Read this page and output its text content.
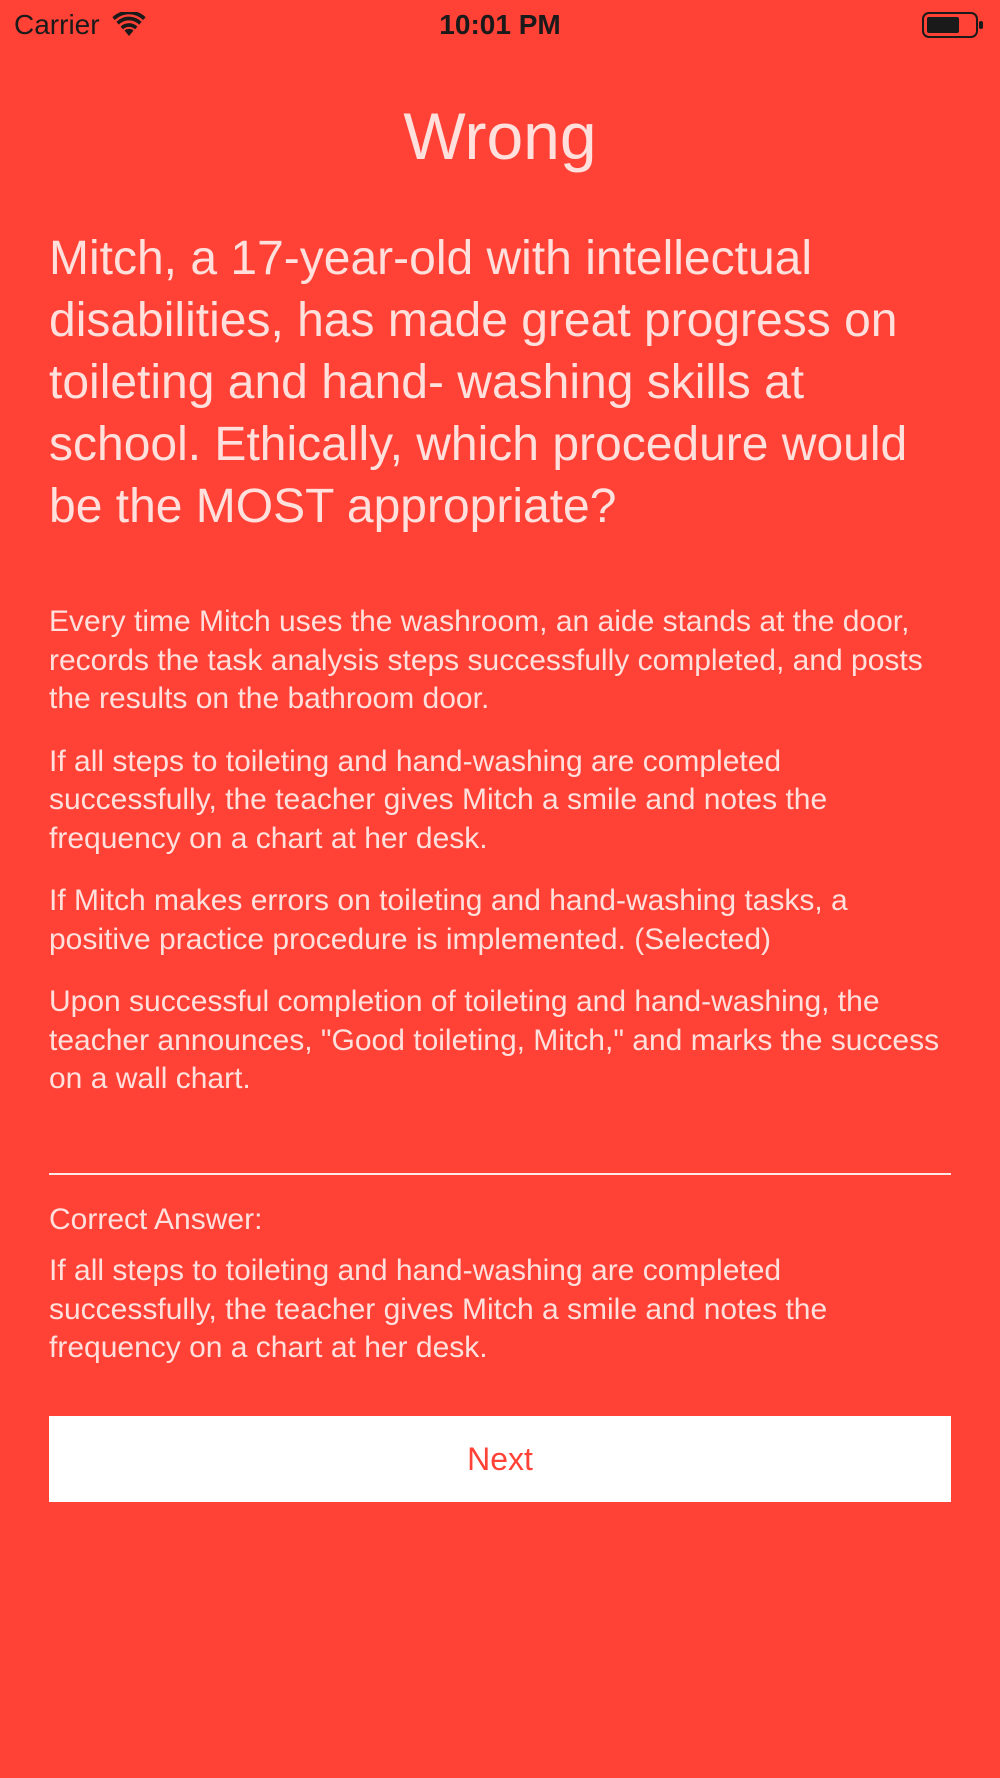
Carrier	10:01 PM
Wrong
Mitch, a 17-year-old with intellectual disabilities, has made great progress on toileting and hand- washing skills at school. Ethically, which procedure would be the MOST appropriate?

Every time Mitch uses the washroom, an aide stands at the door, records the task analysis steps successfully completed, and posts the results on the bathroom door.

If all steps to toileting and hand-washing are completed successfully, the teacher gives Mitch a smile and notes the frequency on a chart at her desk.

If Mitch makes errors on toileting and hand-washing tasks, a positive practice procedure is implemented. (Selected)

Upon successful completion of toileting and hand-washing, the teacher announces, "Good toileting, Mitch," and marks the success on a wall chart.

Correct Answer:
If all steps to toileting and hand-washing are completed successfully, the teacher gives Mitch a smile and notes the frequency on a chart at her desk.
Next
